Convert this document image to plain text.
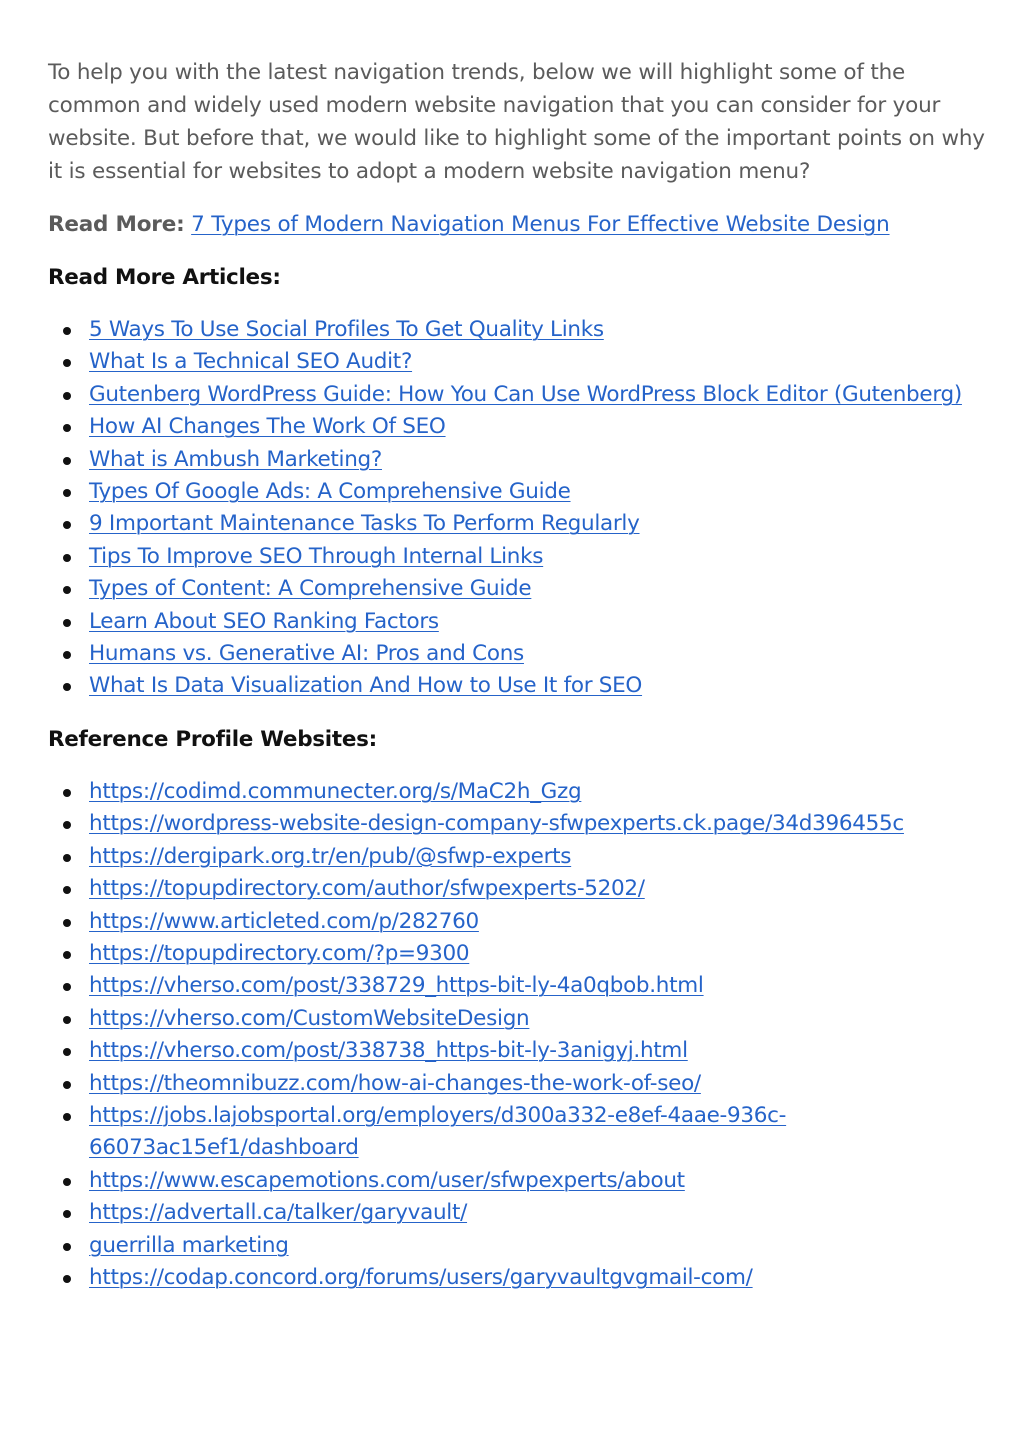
To help you with the latest navigation trends, below we will highlight some of the common and widely used modern website navigation that you can consider for your website. But before that, we would like to highlight some of the important points on why it is essential for websites to adopt a modern website navigation menu?

Read More: 7 Types of Modern Navigation Menus For Effective Website Design

Read More Articles:
5 Ways To Use Social Profiles To Get Quality Links
What Is a Technical SEO Audit?
Gutenberg WordPress Guide: How You Can Use WordPress Block Editor (Gutenberg)
How AI Changes The Work Of SEO
What is Ambush Marketing?
Types Of Google Ads: A Comprehensive Guide
9 Important Maintenance Tasks To Perform Regularly
Tips To Improve SEO Through Internal Links
Types of Content: A Comprehensive Guide
Learn About SEO Ranking Factors
Humans vs. Generative AI: Pros and Cons
What Is Data Visualization And How to Use It for SEO
Reference Profile Websites:
https://codimd.communecter.org/s/MaC2h_Gzg
https://wordpress-website-design-company-sfwpexperts.ck.page/34d396455c
https://dergipark.org.tr/en/pub/@sfwp-experts
https://topupdirectory.com/author/sfwpexperts-5202/
https://www.articleted.com/p/282760
https://topupdirectory.com/?p=9300
https://vherso.com/post/338729_https-bit-ly-4a0qbob.html
https://vherso.com/CustomWebsiteDesign
https://vherso.com/post/338738_https-bit-ly-3anigyj.html
https://theomnibuzz.com/how-ai-changes-the-work-of-seo/
https://jobs.lajobsportal.org/employers/d300a332-e8ef-4aae-936c-66073ac15ef1/dashboard
https://www.escapemotions.com/user/sfwpexperts/about
https://advertall.ca/talker/garyvault/
guerrilla marketing
https://codap.concord.org/forums/users/garyvaultgvgmail-com/
